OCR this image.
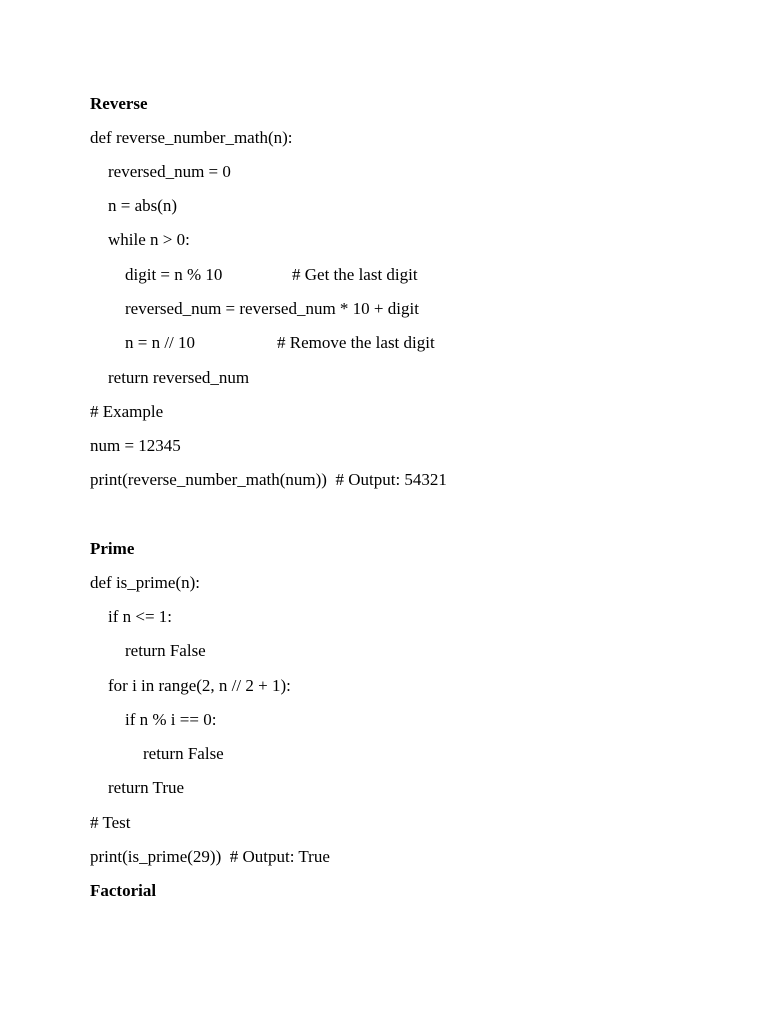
Reverse
def reverse_number_math(n):
reversed_num = 0
n = abs(n)
while n > 0:
digit = n % 10	# Get the last digit
reversed_num = reversed_num * 10 + digit
n = n // 10	# Remove the last digit
return reversed_num
# Example
num = 12345
print(reverse_number_math(num))  # Output: 54321
Prime
def is_prime(n):
if n <= 1:
return False
for i in range(2, n // 2 + 1):
if n % i == 0:
return False
return True
# Test
print(is_prime(29))  # Output: True
Factorial
